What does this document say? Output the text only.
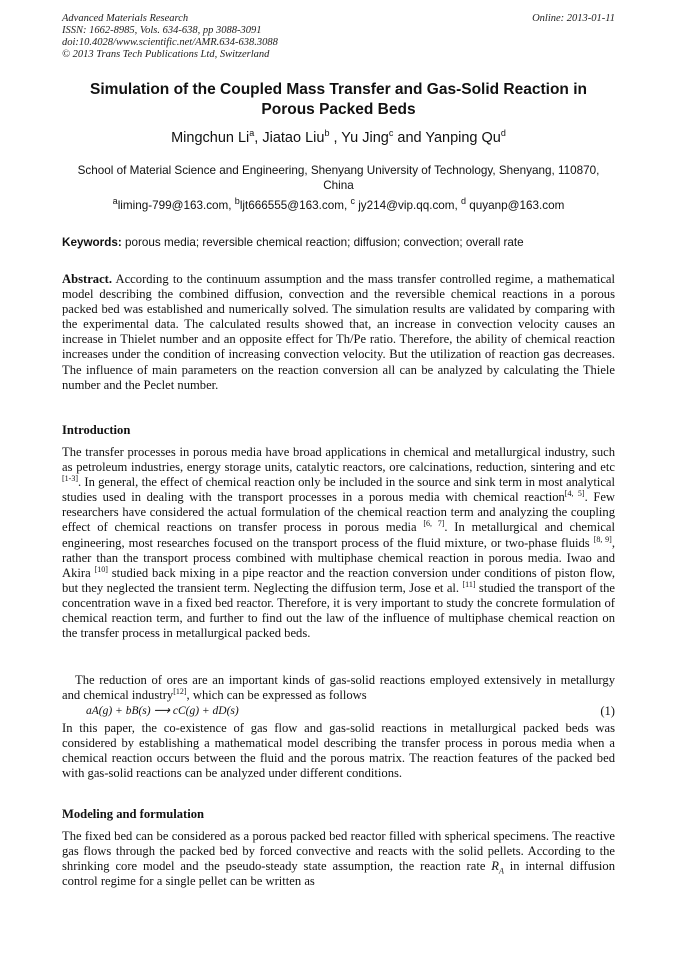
Advanced Materials Research
ISSN: 1662-8985, Vols. 634-638, pp 3088-3091
doi:10.4028/www.scientific.net/AMR.634-638.3088
© 2013 Trans Tech Publications Ltd, Switzerland
Online: 2013-01-11
Simulation of the Coupled Mass Transfer and Gas-Solid Reaction in Porous Packed Beds
Mingchun Li$^a$, Jiatao Liu$^b$ , Yu Jing$^c$ and Yanping Qu$^d$
School of Material Science and Engineering, Shenyang University of Technology, Shenyang, 110870, China
$^a$liming-799@163.com, $^b$ljt666555@163.com, $^c$ jy214@vip.qq.com, $^d$ quyanp@163.com
Keywords: porous media; reversible chemical reaction; diffusion; convection; overall rate
Abstract. According to the continuum assumption and the mass transfer controlled regime, a mathematical model describing the combined diffusion, convection and the reversible chemical reactions in a porous packed bed was established and numerically solved. The simulation results are validated by comparing with the experimental data. The calculated results showed that, an increase in convection velocity causes an increase in Thielet number and an opposite effect for Th/Pe ratio. Therefore, the ability of chemical reaction increases under the condition of increasing convection velocity. But the utilization of reaction gas decreases. The influence of main parameters on the reaction conversion all can be analyzed by calculating the Thiele number and the Peclet number.
Introduction
The transfer processes in porous media have broad applications in chemical and metallurgical industry, such as petroleum industries, energy storage units, catalytic reactors, ore calcinations, reduction, sintering and etc [1-3]. In general, the effect of chemical reaction only be included in the source and sink term in most analytical studies used in dealing with the transport processes in a porous media with chemical reaction[4, 5]. Few researchers have considered the actual formulation of the chemical reaction term and analyzing the coupling effect of chemical reactions on transfer process in porous media [6, 7]. In metallurgical and chemical engineering, most researches focused on the transport process of the fluid mixture, or two-phase fluids [8, 9], rather than the transport process combined with multiphase chemical reaction in porous media. Iwao and Akira [10] studied back mixing in a pipe reactor and the reaction conversion under conditions of piston flow, but they neglected the transient term. Neglecting the diffusion term, Jose et al. [11] studied the transport of the concentration wave in a fixed bed reactor. Therefore, it is very important to study the concrete formulation of chemical reaction term, and further to find out the law of the influence of multiphase chemical reaction on the transfer process in metallurgical packed beds.
The reduction of ores are an important kinds of gas-solid reactions employed extensively in metallurgy and chemical industry[12], which can be expressed as follows
aA(g) + bB(s) ⟶ cC(g) + dD(s)	(1)
In this paper, the co-existence of gas flow and gas-solid reactions in metallurgical packed beds was considered by establishing a mathematical model describing the transfer process in porous media when a chemical reaction occurs between the fluid and the porous matrix. The reaction features of the packed bed with gas-solid reactions can be analyzed under different conditions.
Modeling and formulation
The fixed bed can be considered as a porous packed bed reactor filled with spherical specimens. The reactive gas flows through the packed bed by forced convective and reacts with the solid pellets. According to the shrinking core model and the pseudo-steady state assumption, the reaction rate $R_A$ in internal diffusion control regime for a single pellet can be written as
